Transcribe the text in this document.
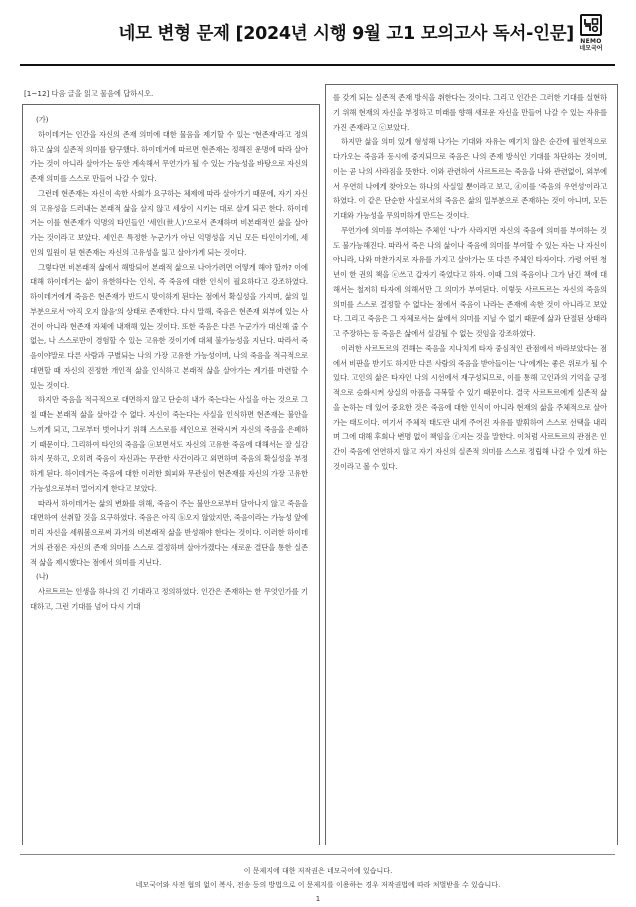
네모 변형 문제 [2024년 시행 9월 고1 모의고사 독서-인문]	NEMO
네모국어
[1~12] 다음 글을 읽고 물음에 답하시오.

(가)

하이데거는 인간을 자신의 존재 의미에 대한 물음을 제기할 수 있는 '현존재'라고 정의하고 삶의 실존적 의미를 탐구했다. 하이데거에 따르면 현존재는 정해진 운명에 따라 살아가는 것이 아니라 살아가는 동안 계속해서 무언가가 될 수 있는 가능성을 바탕으로 자신의 존재 의미를 스스로 만들어 나갈 수 있다.

그런데 현존재는 자신이 속한 사회가 요구하는 체제에 따라 살아가기 때문에, 자기 자신의 고유성을 드러내는 본래적 삶을 살지 않고 세상이 시키는 대로 살게 되곤 한다. 하이데거는 이를 현존재가 익명의 타인들인 '세인(世人)'으로서 존재하며 비본래적인 삶을 살아가는 것이라고 보았다. 세인은 특정한 누군가가 아닌 익명성을 지닌 모든 타인이기에, 세인의 일원이 된 현존재는 자신의 고유성을 잃고 살아가게 되는 것이다.

그렇다면 비본래적 삶에서 해방되어 본래적 삶으로 나아가려면 어떻게 해야 할까? 이에 대해 하이데거는 삶이 유한하다는 인식, 즉 죽음에 대한 인식이 필요하다고 강조하였다. 하이데거에게 죽음은 현존재가 반드시 맞이하게 된다는 점에서 확실성을 가지며, 삶의 일부분으로서 '아직 오지 않음'의 상태로 존재한다. 다시 말해, 죽음은 현존재 외부에 있는 사건이 아니라 현존재 자체에 내재해 있는 것이다. 또한 죽음은 다른 누군가가 대신해 줄 수 없는, 나 스스로만이 경험할 수 있는 고유한 것이기에 대체 불가능성을 지닌다. 따라서 죽음이야말로 다른 사람과 구별되는 나의 가장 고유한 가능성이며, 나의 죽음을 적극적으로 대면할 때 자신의 진정한 개인적 삶을 인식하고 본래적 삶을 살아가는 계기를 마련할 수 있는 것이다.

하지만 죽음을 적극적으로 대면하지 않고 단순히 내가 죽는다는 사실을 아는 것으로 그칠 때는 본래적 삶을 살아갈 수 없다. 자신이 죽는다는 사실을 인식하면 현존재는 불안을 느끼게 되고, 그로부터 벗어나기 위해 스스로를 세인으로 전락시켜 자신의 죽음을 은폐하기 때문이다. 그리하여 타인의 죽음을 ⓐ보면서도 자신의 고유한 죽음에 대해서는 잘 실감하지 못하고, 오히려 죽음이 자신과는 무관한 사건이라고 외면하며 죽음의 확실성을 부정하게 된다. 하이데거는 죽음에 대한 이러한 회피와 무관심이 현존재를 자신의 가장 고유한 가능성으로부터 멀어지게 한다고 보았다.

따라서 하이데거는 삶의 변화를 위해, 죽음이 주는 불안으로부터 달아나지 않고 죽음을 대면하여 선취할 것을 요구하였다. 죽음은 아직 ⓑ오지 않았지만, 죽음이라는 가능성 앞에 미리 자신을 세워봄으로써 과거의 비본래적 삶을 반성해야 한다는 것이다. 이러한 하이데거의 관점은 자신의 존재 의미를 스스로 결정하며 살아가겠다는 새로운 결단을 통한 실존적 삶을 제시했다는 점에서 의미를 지닌다.

(나)

사르트르는 인생을 하나의 긴 기대라고 정의하였다. 인간은 존재하는 한 무엇인가를 기대하고, 그런 기대를 넘어 다시 기대

를 갖게 되는 실존적 존재 방식을 취한다는 것이다. 그리고 인간은 그러한 기대를 실현하기 위해 현재의 자신을 부정하고 미래를 향해 새로운 자신을 만들어 나갈 수 있는 자유를 가진 존재라고 ⓒ보았다.

하지만 삶을 의미 있게 형성해 나가는 기대와 자유는 예기치 않은 순간에 필연적으로 다가오는 죽음과 동시에 중지되므로 죽음은 나의 존재 방식인 기대를 차단하는 것이며, 이는 곧 나의 사라짐을 뜻한다. 이와 관련하여 사르트르는 죽음을 나와 관련없이, 외부에서 우연히 나에게 찾아오는 하나의 사실일 뿐이라고 보고, ⓓ이를 '죽음의 우연성'이라고 하였다. 이 같은 단순한 사실로서의 죽음은 삶의 일부분으로 존재하는 것이 아니며, 모든 기대와 가능성을 무의미하게 만드는 것이다.

무언가에 의미를 부여하는 주체인 '나'가 사라지면 자신의 죽음에 의미를 부여하는 것도 불가능해진다. 따라서 죽은 나의 삶이나 죽음에 의미를 부여할 수 있는 자는 나 자신이 아니라, 나와 마찬가지로 자유를 가지고 살아가는 또 다른 주체인 타자이다. 가령 어떤 청년이 한 권의 책을 ⓔ쓰고 갑자기 죽었다고 하자. 이때 그의 죽음이나 그가 남긴 책에 대해서는 철저히 타자에 의해서만 그 의미가 부여된다. 이렇듯 사르트르는 자신의 죽음의 의미를 스스로 결정할 수 없다는 점에서 죽음이 나라는 존재에 속한 것이 아니라고 보았다. 그리고 죽음은 그 자체로서는 삶에서 의미를 지닐 수 없기 때문에 삶과 단절된 상태라고 주장하는 등 죽음은 삶에서 실감될 수 없는 것임을 강조하였다.

이러한 사르트르의 견해는 죽음을 지나치게 타자 중심적인 관점에서 바라보았다는 점에서 비판을 받기도 하지만 다른 사람의 죽음을 받아들이는 '나'에게는 좋은 위로가 될 수 있다. 고인의 삶은 타자인 나의 시선에서 재구성되므로, 이를 통해 고인과의 기억을 긍정적으로 승화시켜 상실의 아픔을 극복할 수 있기 때문이다. 결국 사르트르에게 실존적 삶을 논하는 데 있어 중요한 것은 죽음에 대한 인식이 아니라 현재의 삶을 주체적으로 살아가는 태도이다. 여기서 주체적 태도란 내게 주어진 자유를 발휘하여 스스로 선택을 내리며 그에 대해 후회나 변명 없이 책임을 ⓕ지는 것을 말한다. 이처럼 사르트르의 관점은 인간이 죽음에 연연하지 않고 자기 자신의 실존적 의미를 스스로 정립해 나갈 수 있게 하는 것이라고 볼 수 있다.

이 문제지에 대한 저작권은 네모국어에 있습니다.
네모국어와 사전 협의 없이 복사, 전송 등의 방법으로 이 문제지를 이용하는 경우 저작권법에 따라 처벌받을 수 있습니다.
1
